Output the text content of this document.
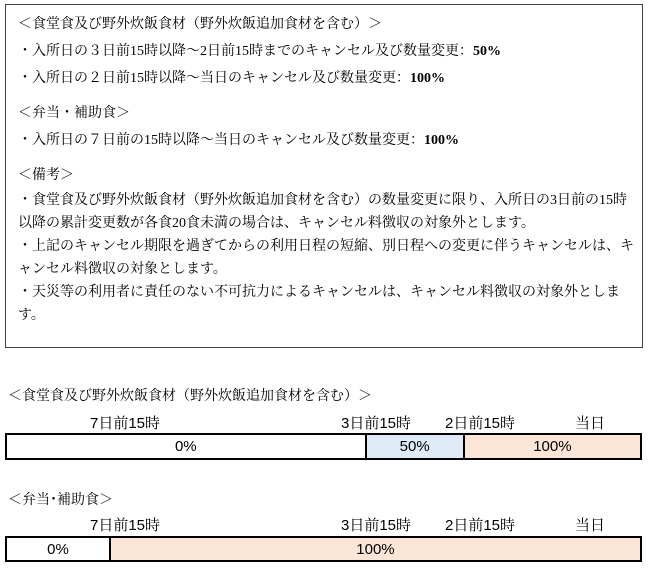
＜食堂食及び野外炊飯食材（野外炊飯追加食材を含む）＞

・入所日の３日前15時以降～2日前15時までのキャンセル及び数量変更：50%

・入所日の２日前15時以降～当日のキャンセル及び数量変更：100%

＜弁当・補助食＞

・入所日の７日前の15時以降～当日のキャンセル及び数量変更：100%

＜備考＞

・食堂食及び野外炊飯食材（野外炊飯追加食材を含む）の数量変更に限り、入所日の3日前の15時以降の累計変更数が各食20食未満の場合は、キャンセル料徴収の対象外とします。

・上記のキャンセル期限を過ぎてからの利用日程の短縮、別日程への変更に伴うキャンセルは、キャンセル料徴収の対象とします。

・天災等の利用者に責任のない不可抗力によるキャンセルは、キャンセル料徴収の対象外とします。

＜食堂食及び野外炊飯食材（野外炊飯追加食材を含む）＞
7日前15時	3日前15時 2日前15時	当日
0%	50%	100%
＜弁当･補助食＞
7日前15時	3日前15時 2日前15時	当日
0%	100%
